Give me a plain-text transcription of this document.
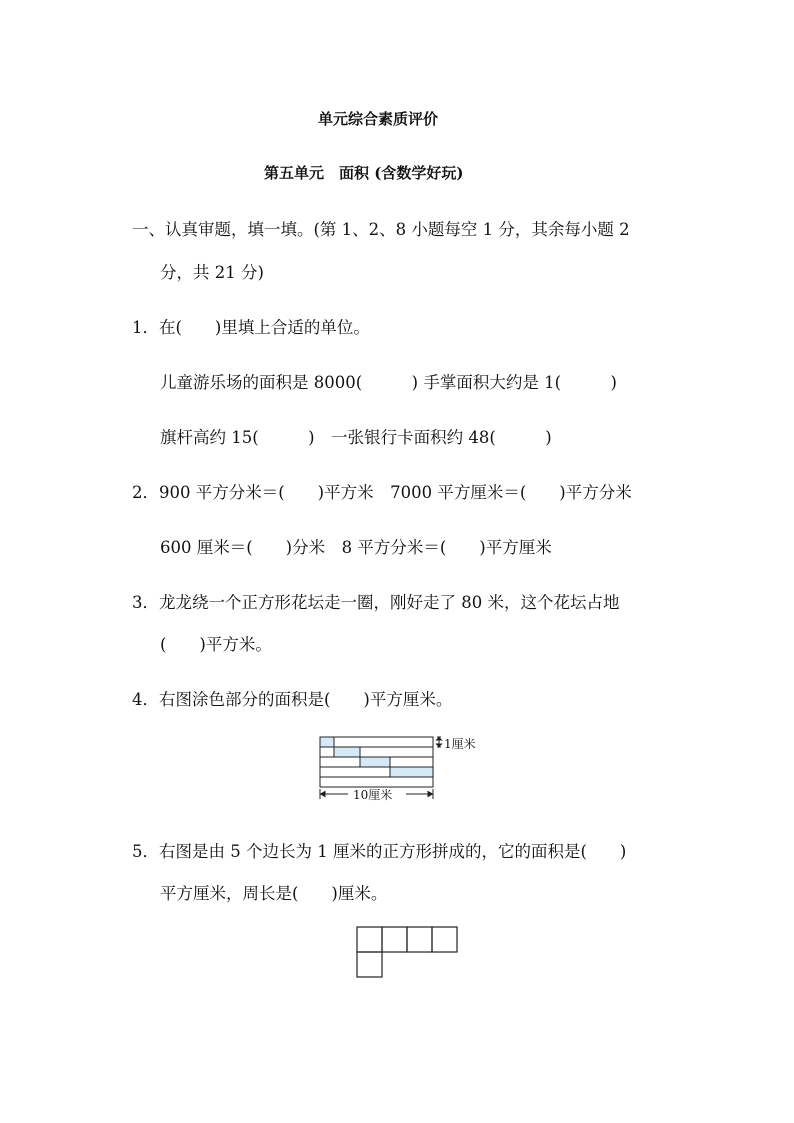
单元综合素质评价
第五单元　面积 (含数学好玩)
一、认真审题，填一填。(第 1、2、8 小题每空 1 分，其余每小题 2
分，共 21 分)
1．在(　　)里填上合适的单位。
儿童游乐场的面积是 8000(　　　) 手掌面积大约是 1(　　　)
旗杆高约 15(　　　)　一张银行卡面积约 48(　　　)
2．900 平方分米＝(　　)平方米　7000 平方厘米＝(　　)平方分米
600 厘米＝(　　)分米　8 平方分米＝(　　)平方厘米
3．龙龙绕一个正方形花坛走一圈，刚好走了 80 米，这个花坛占地
(　　)平方米。
4．右图涂色部分的面积是(　　)平方厘米。
1厘米
10厘米
5．右图是由 5 个边长为 1 厘米的正方形拼成的，它的面积是(　　)
平方厘米，周长是(　　)厘米。
